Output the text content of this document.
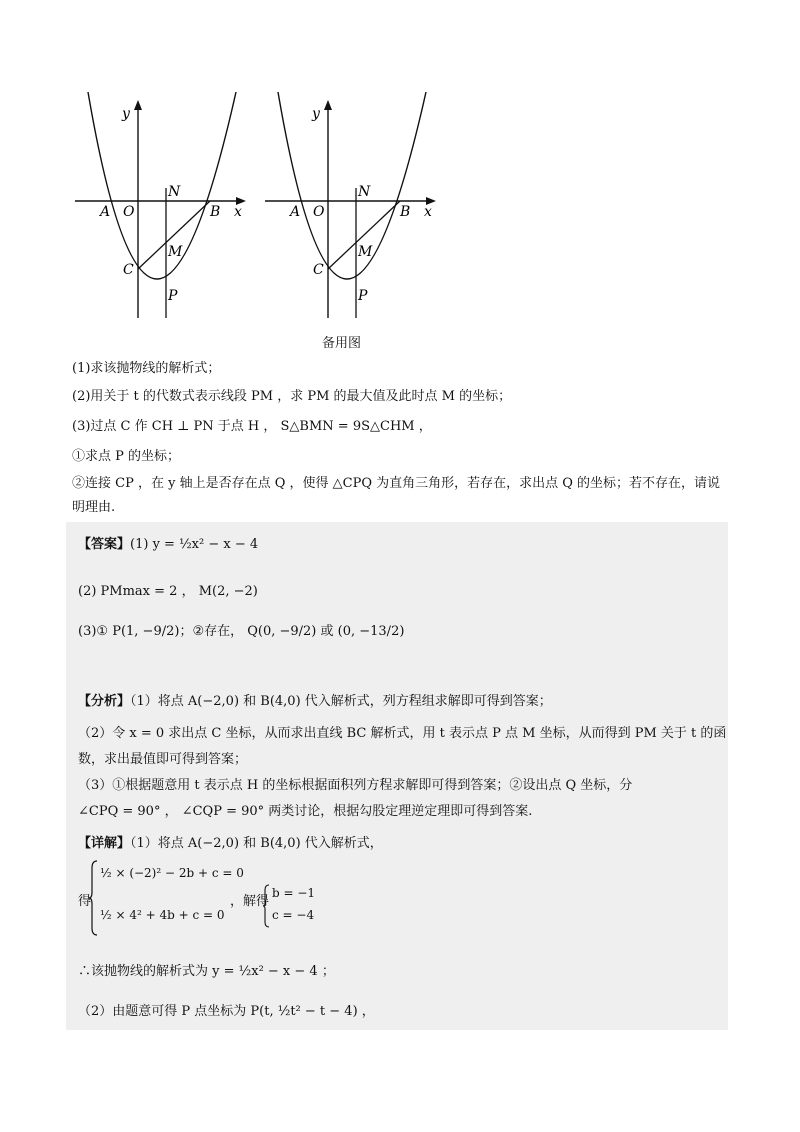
y
x
A O
N
B
M
C
P
y
x
A O
N
B
M
C
P
备用图
(1)求该抛物线的解析式；
(2)用关于 t 的代数式表示线段 PM ，求 PM 的最大值及此时点 M 的坐标；
(3)过点 C 作 CH ⊥ PN 于点 H ， S△BMN = 9S△CHM ，
①求点 P 的坐标；
②连接 CP ，在 y 轴上是否存在点 Q ，使得 △CPQ 为直角三角形，若存在，求出点 Q 的坐标；若不存在，请说明理由.
【答案】(1) y = ½x² − x − 4
(2) PMmax = 2 ， M(2, −2)
(3)① P(1, −9/2)；②存在， Q(0, −9/2) 或 (0, −13/2)
【分析】（1）将点 A(−2,0) 和 B(4,0) 代入解析式，列方程组求解即可得到答案；
（2）令 x = 0 求出点 C 坐标，从而求出直线 BC 解析式，用 t 表示点 P 点 M 坐标，从而得到 PM 关于 t 的函
数，求出最值即可得到答案；
（3）①根据题意用 t 表示点 H 的坐标根据面积列方程求解即可得到答案；②设出点 Q 坐标，分
∠CPQ = 90° ， ∠CQP = 90° 两类讨论，根据勾股定理逆定理即可得到答案.
【详解】（1）将点 A(−2,0) 和 B(4,0) 代入解析式，
得
½ × (−2)² − 2b + c = 0
½ × 4² + 4b + c = 0
，解得
b = −1
c = −4
∴该抛物线的解析式为 y = ½x² − x − 4 ；
（2）由题意可得 P 点坐标为 P(t, ½t² − t − 4) ，
